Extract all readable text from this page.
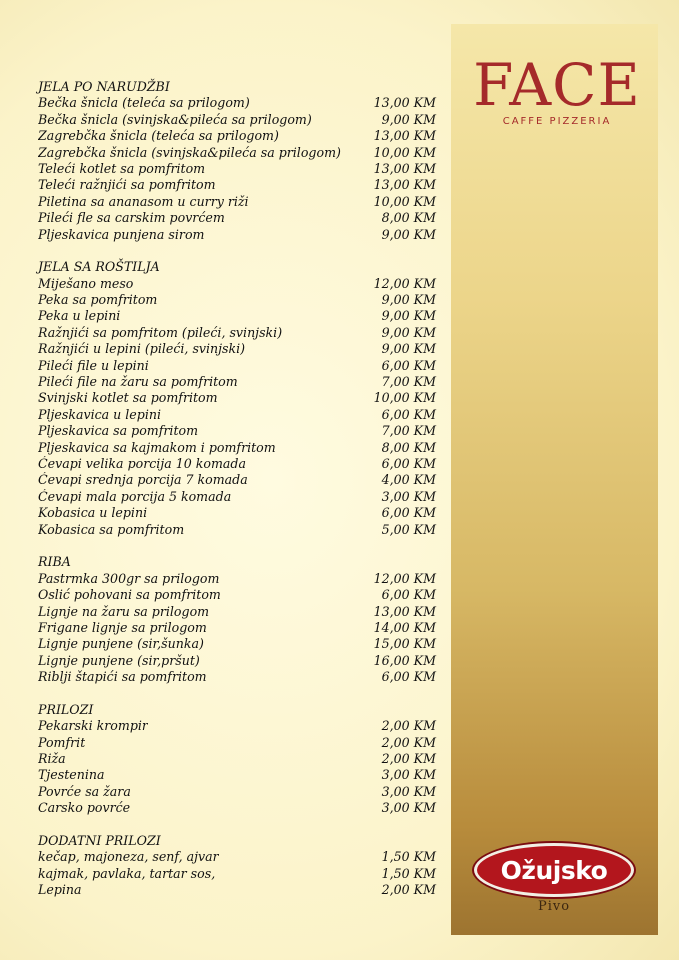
JELA PO NARUDŽBI
Bečka šnicla (teleća sa prilogom)	13,00 KM
Bečka šnicla (svinjska&pileća sa prilogom)	9,00 KM
Zagrebčka šnicla (teleća sa prilogom)	13,00 KM
Zagrebčka šnicla (svinjska&pileća sa prilogom)	10,00 KM
Teleći kotlet sa pomfritom	13,00 KM
Teleći ražnjići sa pomfritom	13,00 KM
Piletina sa ananasom u curry riži	10,00 KM
Pileći fle sa carskim povrćem	8,00 KM
Pljeskavica punjena sirom	9,00 KM
JELA SA ROŠTILJA
Miješano meso	12,00 KM
Peka sa pomfritom	9,00 KM
Peka u lepini	9,00 KM
Ražnjići sa pomfritom (pileći, svinjski)	9,00 KM
Ražnjići u lepini (pileći, svinjski)	9,00 KM
Pileći file u lepini	6,00 KM
Pileći file na žaru sa pomfritom	7,00 KM
Svinjski kotlet sa pomfritom	10,00 KM
Pljeskavica u lepini	6,00 KM
Pljeskavica sa pomfritom	7,00 KM
Pljeskavica sa kajmakom i pomfritom	8,00 KM
Ćevapi velika porcija 10 komada	6,00 KM
Ćevapi srednja porcija 7 komada	4,00 KM
Ćevapi mala porcija 5 komada	3,00 KM
Kobasica u lepini	6,00 KM
Kobasica sa pomfritom	5,00 KM
RIBA
Pastrmka 300gr sa prilogom	12,00 KM
Oslić pohovani sa pomfritom	6,00 KM
Lignje na žaru sa prilogom	13,00 KM
Frigane lignje sa prilogom	14,00 KM
Lignje punjene (sir,šunka)	15,00 KM
Lignje punjene (sir,pršut)	16,00 KM
Riblji štapići sa pomfritom	6,00 KM
PRILOZI
Pekarski krompir	2,00 KM
Pomfrit	2,00 KM
Riža	2,00 KM
Tjestenina	3,00 KM
Povrće sa žara	3,00 KM
Carsko povrće	3,00 KM
DODATNI PRILOZI
kečap, majoneza, senf, ajvar	1,50 KM
kajmak, pavlaka, tartar sos,	1,50 KM
Lepina	2,00 KM
FACE
CAFFE PIZZERIA
Ožujsko
Pivo
